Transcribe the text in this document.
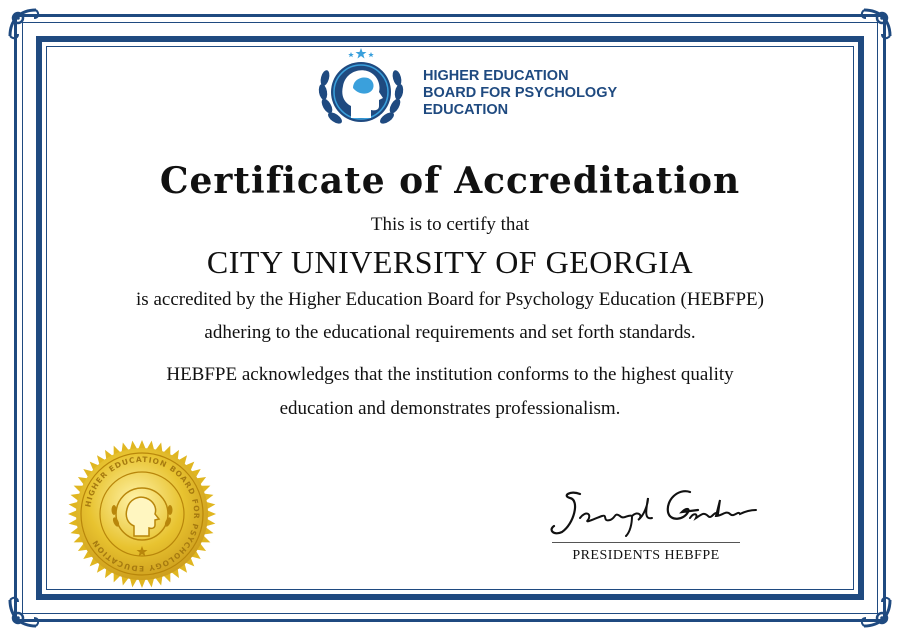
HIGHER EDUCATION
BOARD FOR PSYCHOLOGY
EDUCATION
Certificate of Accreditation
This is to certify that
CITY UNIVERSITY OF GEORGIA
is accredited by the Higher Education Board for Psychology Education (HEBFPE)
adhering to the educational requirements and set forth standards.
HEBFPE acknowledges that the institution conforms to the highest quality
education and demonstrates professionalism.
HIGHER EDUCATION BOARD FOR PSYCHOLOGY EDUCATION
PRESIDENTS HEBFPE
